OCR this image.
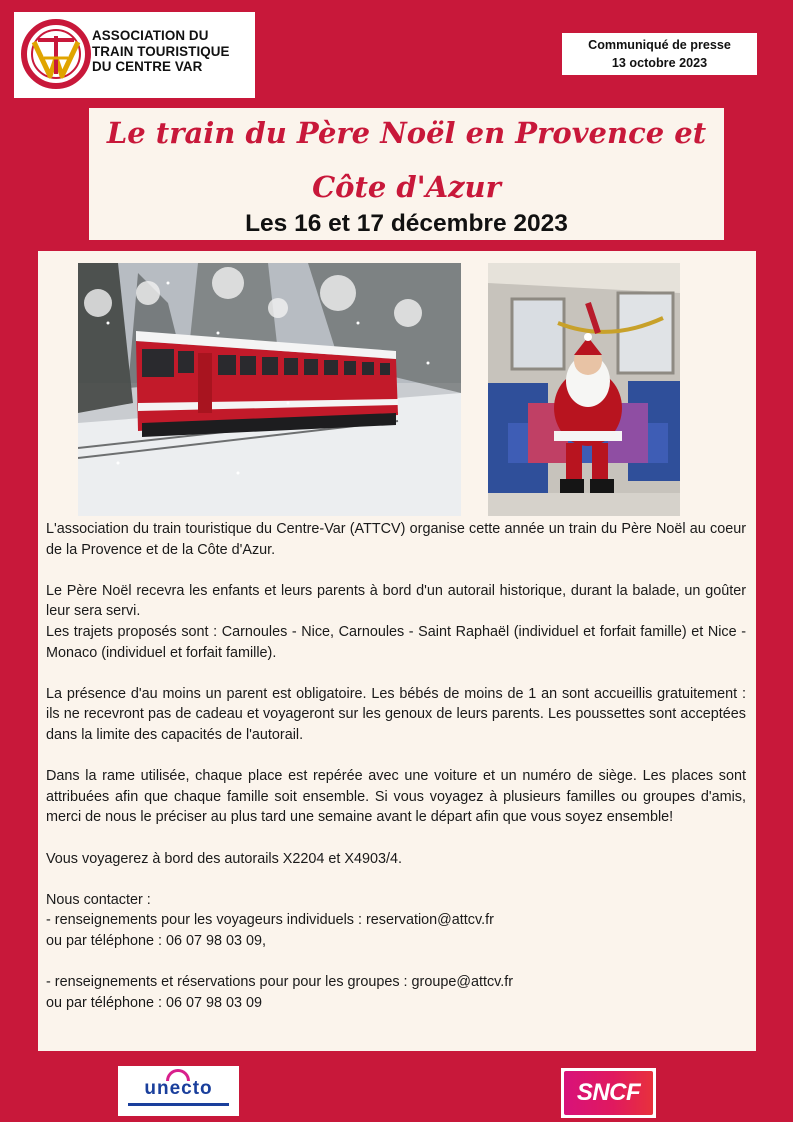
ASSOCIATION DU
TRAIN TOURISTIQUE
DU CENTRE VAR
Communiqué de presse
13 octobre 2023
Le train du Père Noël en Provence et
Côte d'Azur
Les 16 et 17 décembre 2023

L'association du train touristique du Centre-Var (ATTCV) organise cette année un train du Père Noël au coeur de la Provence et de la Côte d'Azur.

Le Père Noël recevra les enfants et leurs parents à bord d'un autorail historique, durant la balade, un goûter leur sera servi.

Les trajets proposés sont : Carnoules - Nice, Carnoules - Saint Raphaël (individuel et forfait famille) et Nice - Monaco (individuel et forfait famille).

La présence d'au moins un parent est obligatoire. Les bébés de moins de 1 an sont accueillis gratuitement : ils ne recevront pas de cadeau et voyageront sur les genoux de leurs parents. Les poussettes sont acceptées dans la limite des capacités de l'autorail.

Dans la rame utilisée, chaque place est repérée avec une voiture et un numéro de siège. Les places sont attribuées afin que chaque famille soit ensemble. Si vous voyagez à plusieurs familles ou groupes d'amis, merci de nous le préciser au plus tard une semaine avant le départ afin que vous soyez ensemble!

Vous voyagerez à bord des autorails X2204 et X4903/4.
Nous contacter :
- renseignements pour les voyageurs individuels : reservation@attcv.fr
ou par téléphone : 06 07 98 03 09,
- renseignements et réservations pour pour les groupes : groupe@attcv.fr
ou par téléphone : 06 07 98 03 09
unecto	SNCF
